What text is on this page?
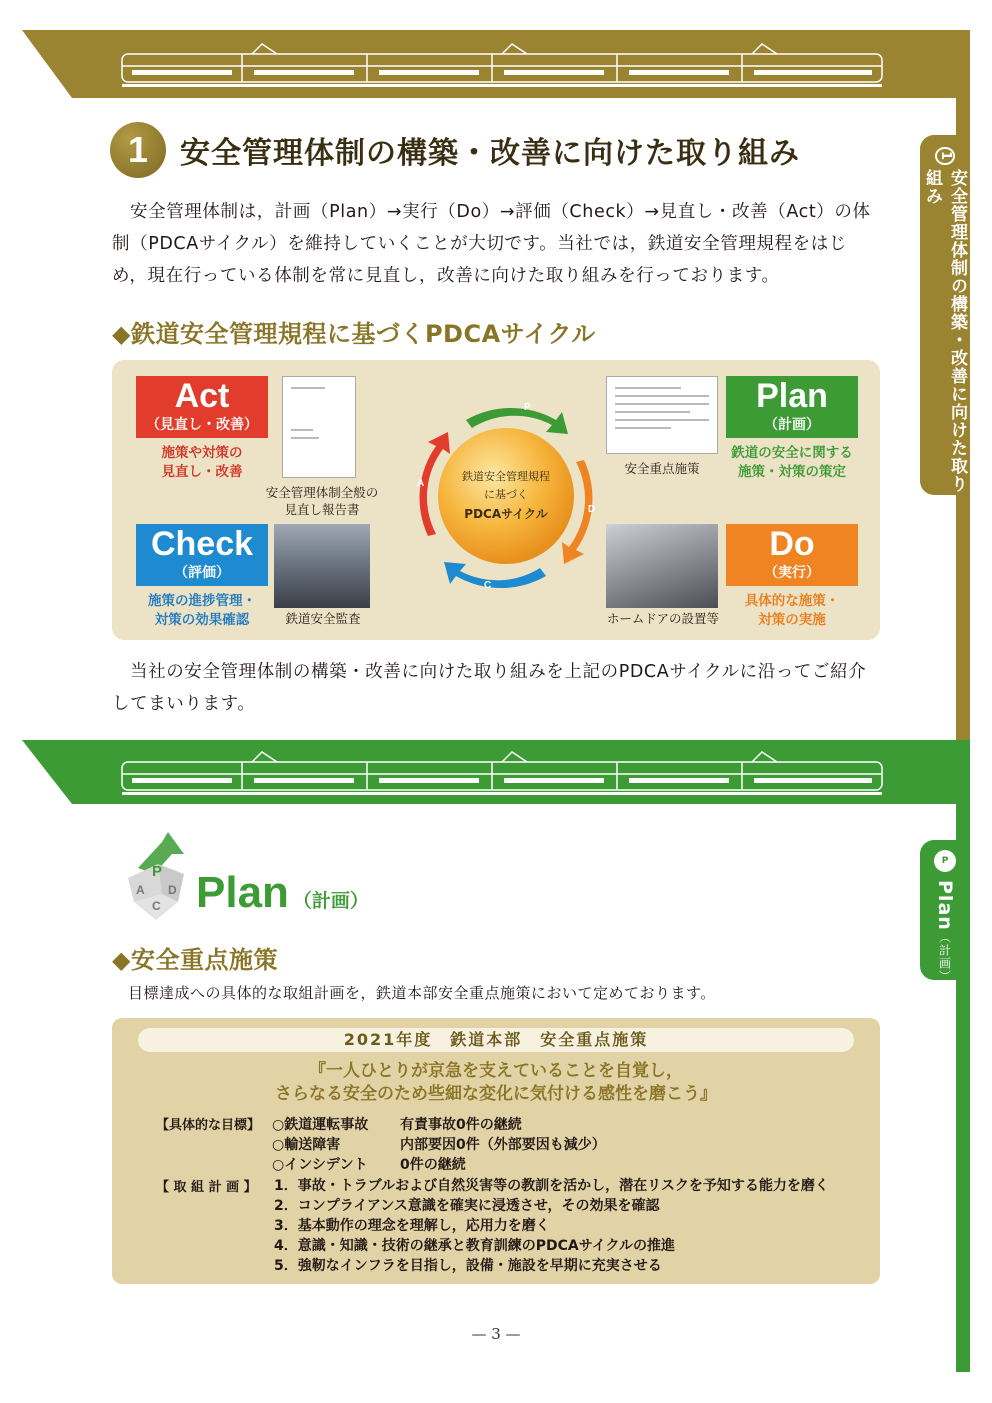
1
安全管理体制の構築・改善に向けた取り組み
1	安全管理体制の構築・改善に向けた取り組み

安全管理体制は，計画（Plan）→実行（Do）→評価（Check）→見直し・改善（Act）の体制（PDCAサイクル）を維持していくことが大切です。当社では，鉄道安全管理規程をはじめ，現在行っている体制を常に見直し，改善に向けた取り組みを行っております。

◆鉄道安全管理規程に基づくPDCAサイクル
Act
（見直し・改善）
施策や対策の
見直し・改善
安全管理体制全般の
見直し報告書
Check
（評価）
施策の進捗管理・
対策の効果確認	鉄道安全監査
P
D
C
A
鉄道安全管理規程
に基づく
PDCAサイクル
安全重点施策
Plan
（計画）
鉄道の安全に関する
施策・対策の策定
ホームドアの設置等
Do
（実行）
具体的な施策・
対策の実施

当社の安全管理体制の構築・改善に向けた取り組みを上記のPDCAサイクルに沿ってご紹介してまいります。

P
Plan
（計画）
P
A
C
D Plan （計画）
◆安全重点施策
目標達成への具体的な取組計画を，鉄道本部安全重点施策において定めております。
2021年度　鉄道本部　安全重点施策
『一人ひとりが京急を支えていることを自覚し，
さらなる安全のため些細な変化に気付ける感性を磨こう』
【具体的な目標】 ○鉄道運転事故	有責事故0件の継続
○輸送障害	内部要因0件（外部要因も減少）
○インシデント	0件の継続
【 取 組 計 画 】	1．事故・トラブルおよび自然災害等の教訓を活かし，潜在リスクを予知する能力を磨く
2．コンプライアンス意識を確実に浸透させ，その効果を確認
3．基本動作の理念を理解し，応用力を磨く
4．意識・知識・技術の継承と教育訓練のPDCAサイクルの推進
5．強靭なインフラを目指し，設備・施設を早期に充実させる
— 3 —
